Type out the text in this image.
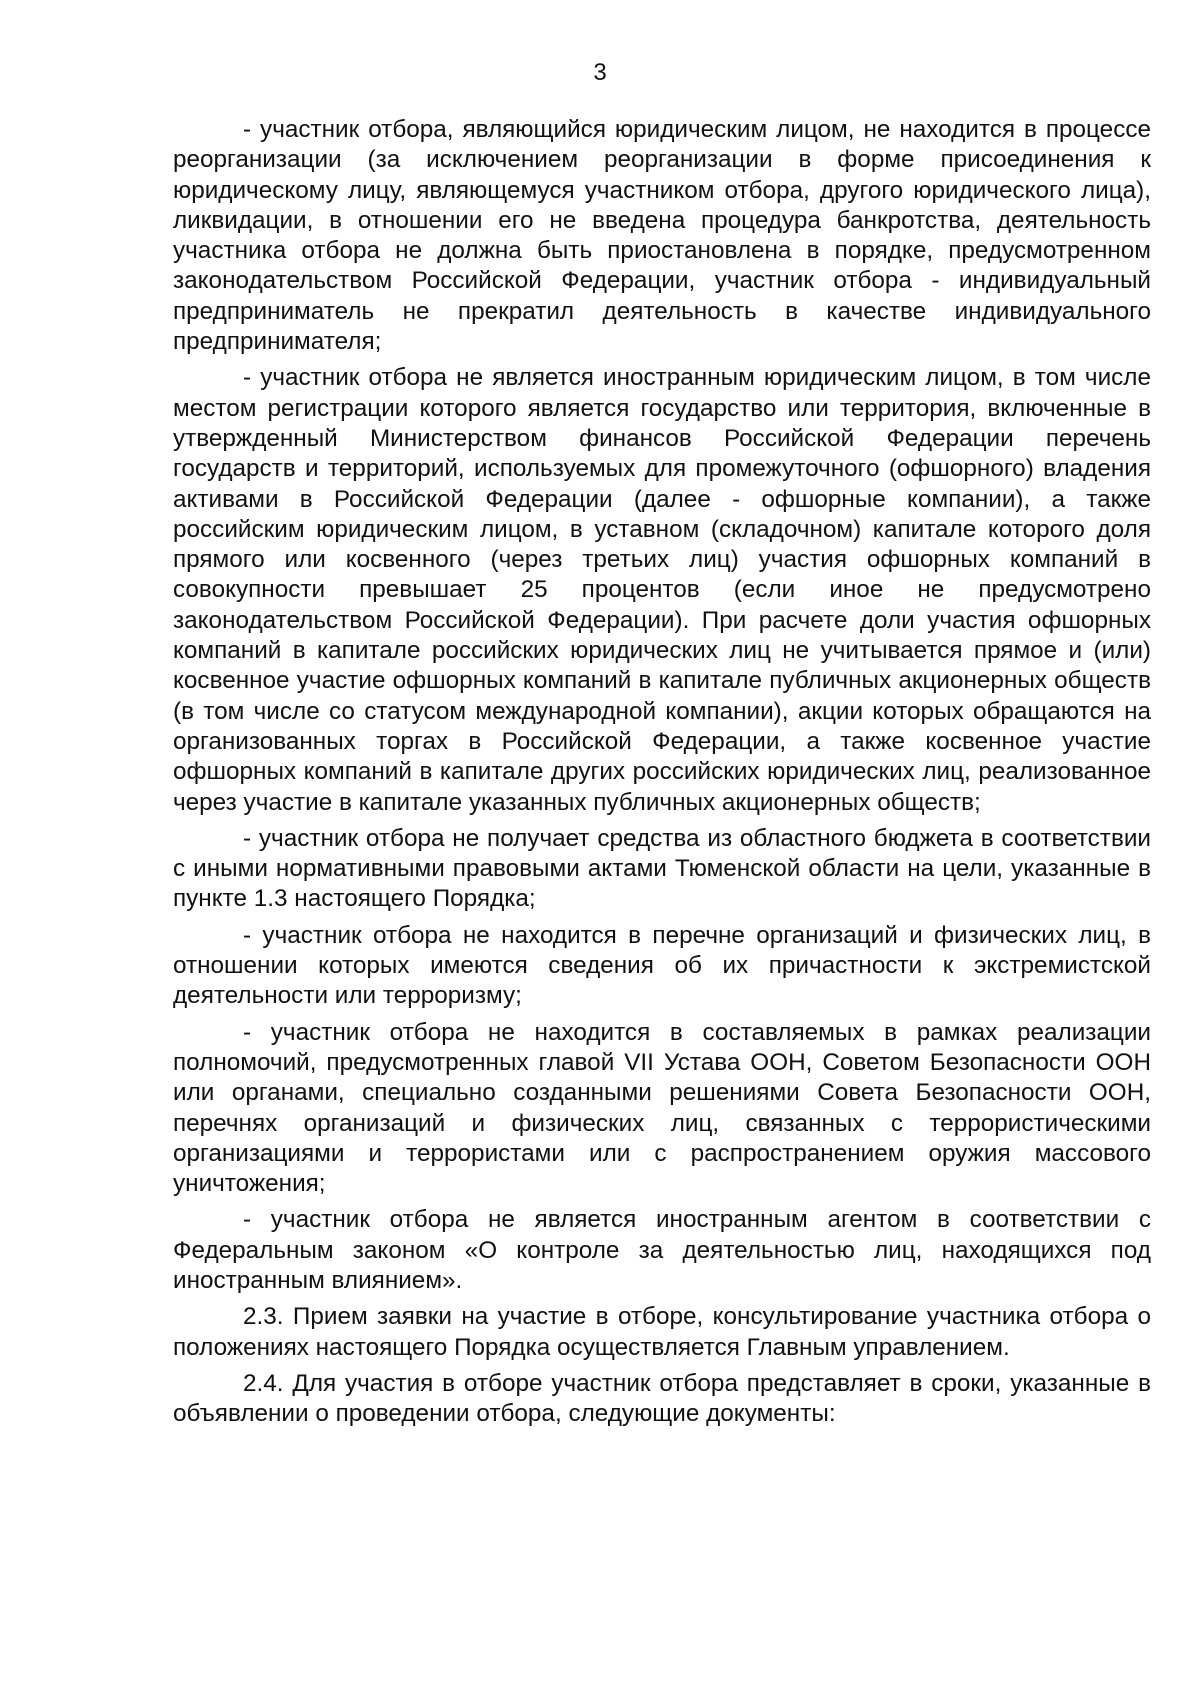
3

- участник отбора, являющийся юридическим лицом, не находится в процессе реорганизации (за исключением реорганизации в форме присоединения к юридическому лицу, являющемуся участником отбора, другого юридического лица), ликвидации, в отношении его не введена процедура банкротства, деятельность участника отбора не должна быть приостановлена в порядке, предусмотренном законодательством Российской Федерации, участник отбора - индивидуальный предприниматель не прекратил деятельность в качестве индивидуального предпринимателя;

- участник отбора не является иностранным юридическим лицом, в том числе местом регистрации которого является государство или территория, включенные в утвержденный Министерством финансов Российской Федерации перечень государств и территорий, используемых для промежуточного (офшорного) владения активами в Российской Федерации (далее - офшорные компании), а также российским юридическим лицом, в уставном (складочном) капитале которого доля прямого или косвенного (через третьих лиц) участия офшорных компаний в совокупности превышает 25 процентов (если иное не предусмотрено законодательством Российской Федерации). При расчете доли участия офшорных компаний в капитале российских юридических лиц не учитывается прямое и (или) косвенное участие офшорных компаний в капитале публичных акционерных обществ (в том числе со статусом международной компании), акции которых обращаются на организованных торгах в Российской Федерации, а также косвенное участие офшорных компаний в капитале других российских юридических лиц, реализованное через участие в капитале указанных публичных акционерных обществ;

- участник отбора не получает средства из областного бюджета в соответствии с иными нормативными правовыми актами Тюменской области на цели, указанные в пункте 1.3 настоящего Порядка;

- участник отбора не находится в перечне организаций и физических лиц, в отношении которых имеются сведения об их причастности к экстремистской деятельности или терроризму;

- участник отбора не находится в составляемых в рамках реализации полномочий, предусмотренных главой VII Устава ООН, Советом Безопасности ООН или органами, специально созданными решениями Совета Безопасности ООН, перечнях организаций и физических лиц, связанных с террористическими организациями и террористами или с распространением оружия массового уничтожения;

- участник отбора не является иностранным агентом в соответствии с Федеральным законом «О контроле за деятельностью лиц, находящихся под иностранным влиянием».

2.3. Прием заявки на участие в отборе, консультирование участника отбора о положениях настоящего Порядка осуществляется Главным управлением.

2.4. Для участия в отборе участник отбора представляет в сроки, указанные в объявлении о проведении отбора, следующие документы:
